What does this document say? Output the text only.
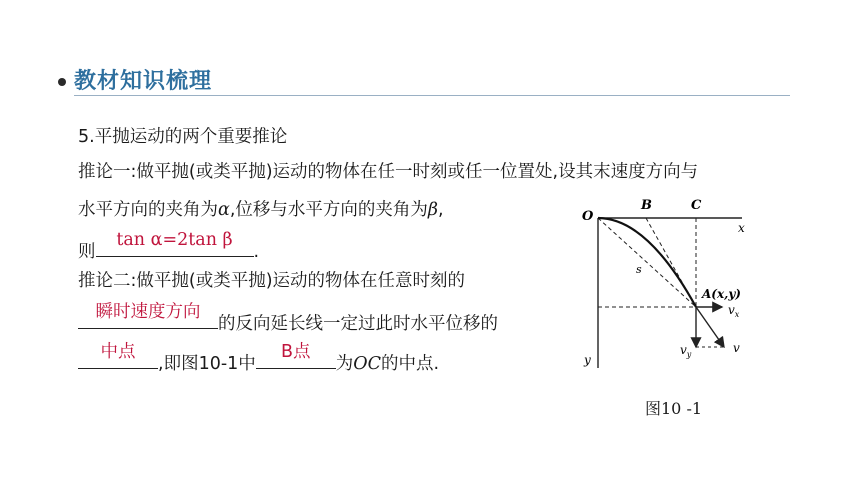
教材知识梳理
5.平抛运动的两个重要推论
推论一:做平抛(或类平抛)运动的物体在任一时刻或任一位置处,设其末速度方向与
水平方向的夹角为α,位移与水平方向的夹角为β,
则
tan α=2tan β
.
推论二:做平抛(或类平抛)运动的物体在任意时刻的
瞬时速度方向
的反向延长线一定过此时水平位移的
中点
,即图10-1中
B点
为OC的中点.
O
B	C
x
y
s
A(x,y)
$v_x$
$v_y$	v
图10 -1
